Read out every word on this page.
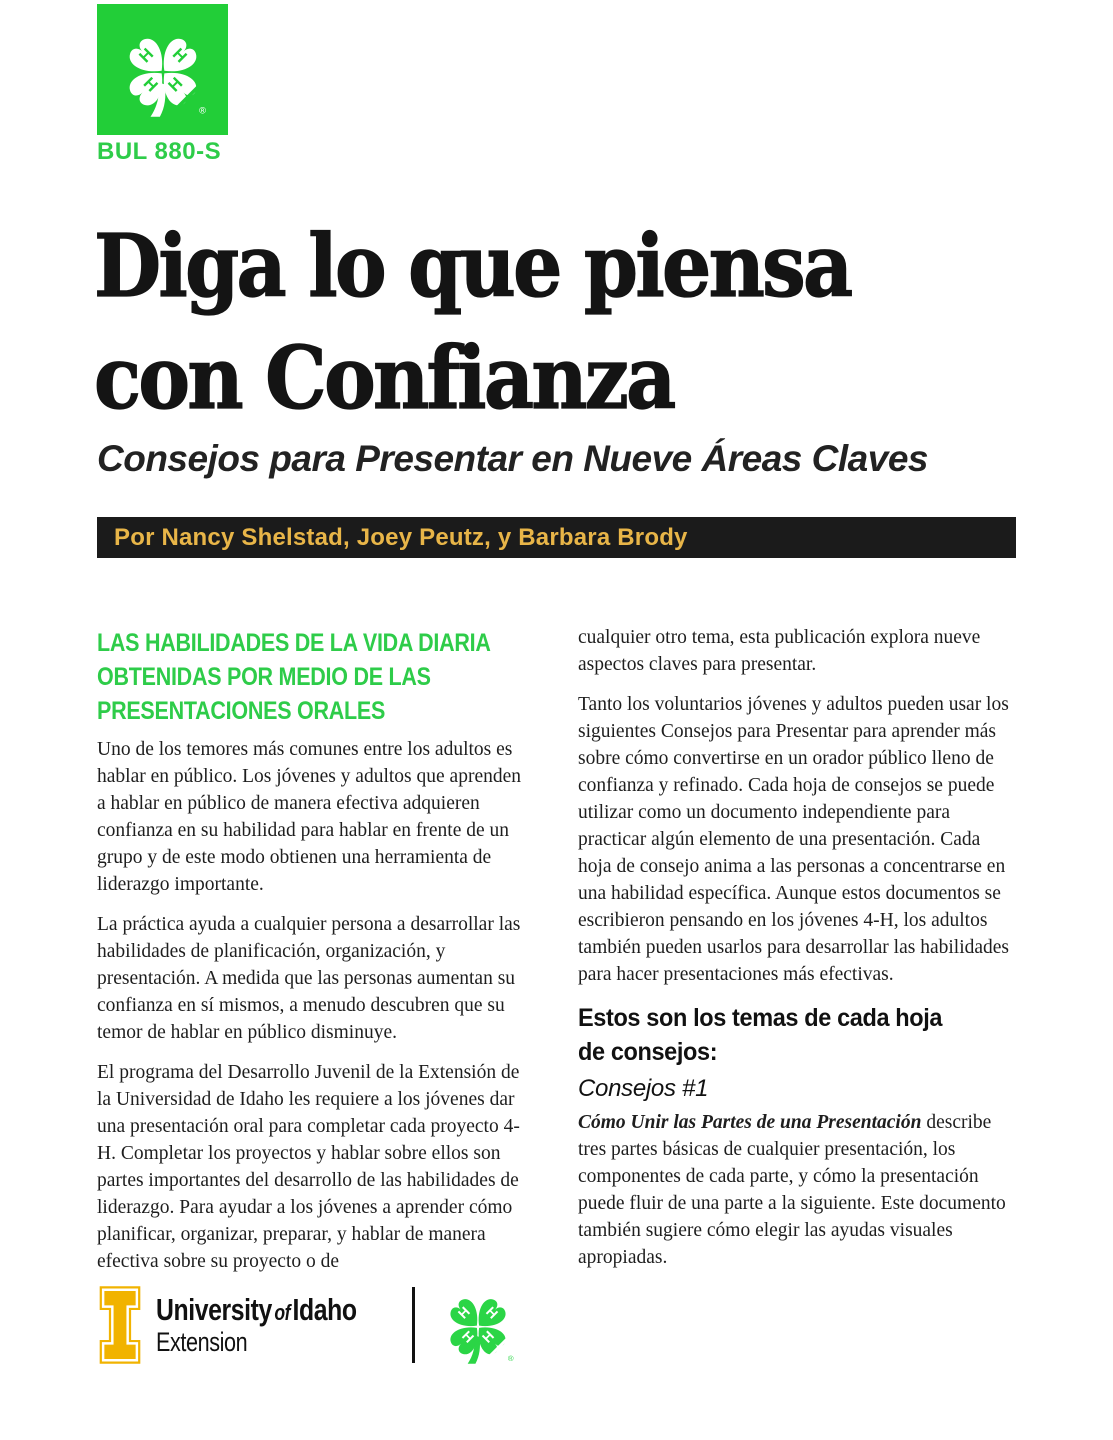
BUL 880-S
Diga lo que piensa
con Confianza
Consejos para Presentar en Nueve Áreas Claves
Por Nancy Shelstad, Joey Peutz, y Barbara Brody
LAS HABILIDADES DE LA VIDA DIARIA
OBTENIDAS POR MEDIO DE LAS
PRESENTACIONES ORALES

Uno de los temores más comunes entre los adultos es hablar en público. Los jóvenes y adultos que aprenden a hablar en público de manera efectiva adquieren confianza en su habilidad para hablar en frente de un grupo y de este modo obtienen una herramienta de liderazgo importante.

La práctica ayuda a cualquier persona a desarrollar las habilidades de planificación, organización, y presentación. A medida que las personas aumentan su confianza en sí mismos, a menudo descubren que su temor de hablar en público disminuye.

El programa del Desarrollo Juvenil de la Extensión de la Universidad de Idaho les requiere a los jóvenes dar una presentación oral para completar cada proyecto 4-H. Completar los proyectos y hablar sobre ellos son partes importantes del desarrollo de las habilidades de liderazgo. Para ayudar a los jóvenes a aprender cómo planificar, organizar, preparar, y hablar de manera efectiva sobre su proyecto o de

cualquier otro tema, esta publicación explora nueve aspectos claves para presentar.

Tanto los voluntarios jóvenes y adultos pueden usar los siguientes Consejos para Presentar para aprender más sobre cómo convertirse en un orador público lleno de confianza y refinado. Cada hoja de consejos se puede utilizar como un documento independiente para practicar algún elemento de una presentación. Cada hoja de consejo anima a las personas a concentrarse en una habilidad específica. Aunque estos documentos se escribieron pensando en los jóvenes 4-H, los adultos también pueden usarlos para desarrollar las habilidades para hacer presentaciones más efectivas.

Estos son los temas de cada hoja
de consejos:
Consejos #1

Cómo Unir las Partes de una Presentación describe tres partes básicas de cualquier presentación, los componentes de cada parte, y cómo la presentación puede fluir de una parte a la siguiente. Este documento también sugiere cómo elegir las ayudas visuales apropiadas.

University ofIdaho
Extension
